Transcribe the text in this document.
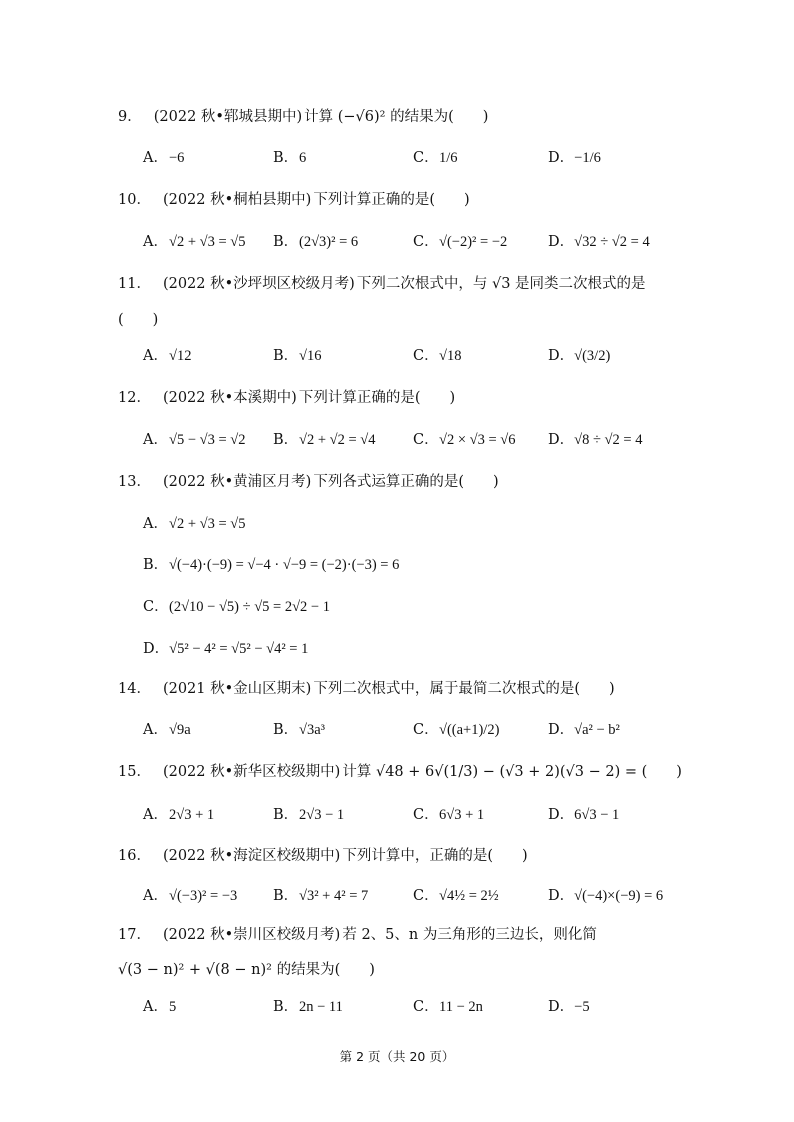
9． (2022 秋•郓城县期中) 计算 (−√6)² 的结果为(　　)
A．−6	B．6	C．1/6	D．−1/6
10． (2022 秋•桐柏县期中) 下列计算正确的是(　　)
A．√2 + √3 = √5 B．(2√3)² = 6	C．√(−2)² = −2	D．√32 ÷ √2 = 4
11． (2022 秋•沙坪坝区校级月考) 下列二次根式中，与 √3 是同类二次根式的是
(　　)
A．√12	B．√16	C．√18	D．√(3/2)
12． (2022 秋•本溪期中) 下列计算正确的是(　　)
A．√5 − √3 = √2 B．√2 + √2 = √4	C．√2 × √3 = √6 D．√8 ÷ √2 = 4
13． (2022 秋•黄浦区月考) 下列各式运算正确的是(　　)
A．√2 + √3 = √5
B．√(−4)·(−9) = √−4 · √−9 = (−2)·(−3) = 6
C．(2√10 − √5) ÷ √5 = 2√2 − 1
D．√5² − 4² = √5² − √4² = 1
14． (2021 秋•金山区期末) 下列二次根式中，属于最简二次根式的是(　　)
A．√9a	B．√3a³	C．√((a+1)/2)	D．√a² − b²
15． (2022 秋•新华区校级期中) 计算 √48 + 6√(1/3) − (√3 + 2)(√3 − 2) = (　　)
A．2√3 + 1	B．2√3 − 1	C．6√3 + 1	D．6√3 − 1
16． (2022 秋•海淀区校级期中) 下列计算中，正确的是(　　)
A．√(−3)² = −3 B．√3² + 4² = 7	C．√4½ = 2½	D．√(−4)×(−9) = 6
17． (2022 秋•崇川区校级月考) 若 2、5、n 为三角形的三边长，则化简
√(3 − n)² + √(8 − n)² 的结果为(　　)
A．5	B．2n − 11	C．11 − 2n	D．−5
第 2 页（共 20 页）
